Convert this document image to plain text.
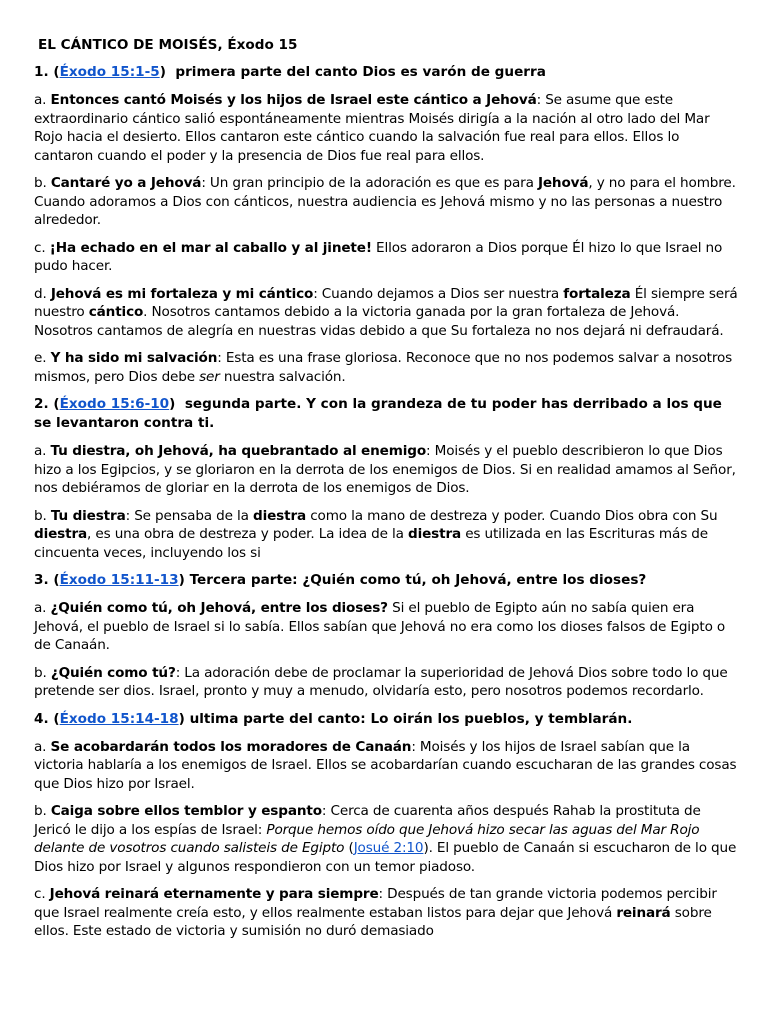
EL CÁNTICO DE MOISÉS, Éxodo 15
1. (Éxodo 15:1-5)  primera parte del canto Dios es varón de guerra

a. Entonces cantó Moisés y los hijos de Israel este cántico a Jehová: Se asume que este extraordinario cántico salió espontáneamente mientras Moisés dirigía a la nación al otro lado del Mar Rojo hacia el desierto. Ellos cantaron este cántico cuando la salvación fue real para ellos. Ellos lo cantaron cuando el poder y la presencia de Dios fue real para ellos.

b. Cantaré yo a Jehová: Un gran principio de la adoración es que es para Jehová, y no para el hombre. Cuando adoramos a Dios con cánticos, nuestra audiencia es Jehová mismo y no las personas a nuestro alrededor.

c. ¡Ha echado en el mar al caballo y al jinete! Ellos adoraron a Dios porque Él hizo lo que Israel no pudo hacer.

d. Jehová es mi fortaleza y mi cántico: Cuando dejamos a Dios ser nuestra fortaleza Él siempre será nuestro cántico. Nosotros cantamos debido a la victoria ganada por la gran fortaleza de Jehová. Nosotros cantamos de alegría en nuestras vidas debido a que Su fortaleza no nos dejará ni defraudará.

e. Y ha sido mi salvación: Esta es una frase gloriosa. Reconoce que no nos podemos salvar a nosotros mismos, pero Dios debe ser nuestra salvación.

2. (Éxodo 15:6-10)  segunda parte. Y con la grandeza de tu poder has derribado a los que se levantaron contra ti.

a. Tu diestra, oh Jehová, ha quebrantado al enemigo: Moisés y el pueblo describieron lo que Dios hizo a los Egipcios, y se gloriaron en la derrota de los enemigos de Dios. Si en realidad amamos al Señor, nos debiéramos de gloriar en la derrota de los enemigos de Dios.

b. Tu diestra: Se pensaba de la diestra como la mano de destreza y poder. Cuando Dios obra con Su diestra, es una obra de destreza y poder. La idea de la diestra es utilizada en las Escrituras más de cincuenta veces, incluyendo los si

3. (Éxodo 15:11-13) Tercera parte: ¿Quién como tú, oh Jehová, entre los dioses?

a. ¿Quién como tú, oh Jehová, entre los dioses? Si el pueblo de Egipto aún no sabía quien era Jehová, el pueblo de Israel si lo sabía. Ellos sabían que Jehová no era como los dioses falsos de Egipto o de Canaán.

b. ¿Quién como tú?: La adoración debe de proclamar la superioridad de Jehová Dios sobre todo lo que pretende ser dios. Israel, pronto y muy a menudo, olvidaría esto, pero nosotros podemos recordarlo.

4. (Éxodo 15:14-18) ultima parte del canto: Lo oirán los pueblos, y temblarán.

a. Se acobardarán todos los moradores de Canaán: Moisés y los hijos de Israel sabían que la victoria hablaría a los enemigos de Israel. Ellos se acobardarían cuando escucharan de las grandes cosas que Dios hizo por Israel.

b. Caiga sobre ellos temblor y espanto: Cerca de cuarenta años después Rahab la prostituta de Jericó le dijo a los espías de Israel: Porque hemos oído que Jehová hizo secar las aguas del Mar Rojo delante de vosotros cuando salisteis de Egipto (Josué 2:10). El pueblo de Canaán si escucharon de lo que Dios hizo por Israel y algunos respondieron con un temor piadoso.

c. Jehová reinará eternamente y para siempre: Después de tan grande victoria podemos percibir que Israel realmente creía esto, y ellos realmente estaban listos para dejar que Jehová reinará sobre ellos. Este estado de victoria y sumisión no duró demasiado
